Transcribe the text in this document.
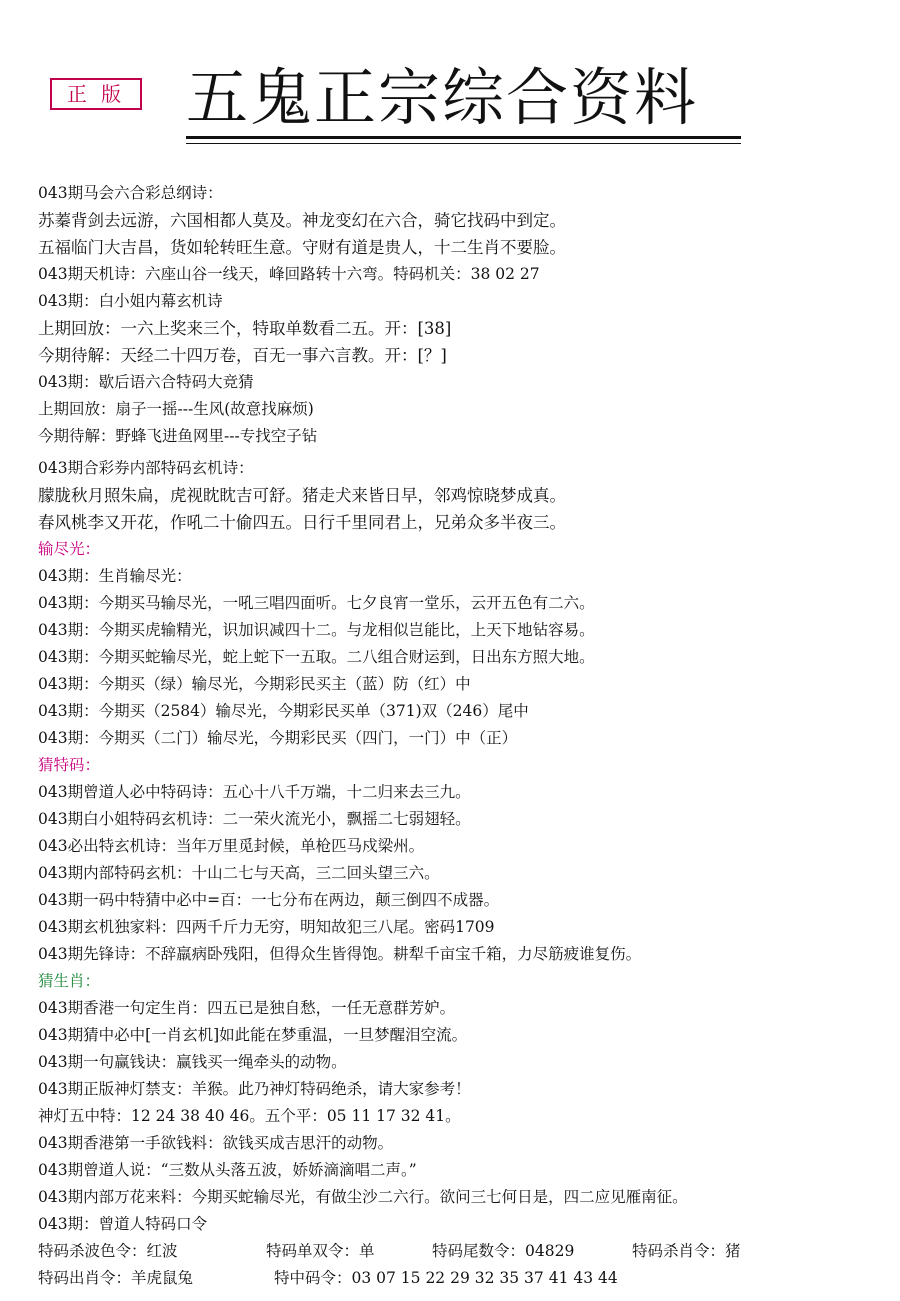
正 版 五鬼正宗综合资料
043期马会六合彩总纲诗：
苏蓁背剑去远游，六国相都人莫及。神龙变幻在六合，骑它找码中到定。
五福临门大吉昌，货如轮转旺生意。守财有道是贵人，十二生肖不要脸。
043期天机诗：六座山谷一线天，峰回路转十六弯。特码机关：38 02 27
043期：白小姐内幕玄机诗
上期回放：一六上奖来三个，特取单数看二五。开：[38]
今期待解：天经二十四万卷，百无一事六言教。开：[？]
043期：歇后语六合特码大竞猜
上期回放：扇子一摇---生风(故意找麻烦)
今期待解：野蜂飞进鱼网里---专找空子钻
043期合彩券内部特码玄机诗：
朦胧秋月照朱扁，虎视眈眈吉可舒。猪走犬来皆日早，邻鸡惊晓梦成真。
春风桃李又开花，作吼二十偷四五。日行千里同君上，兄弟众多半夜三。
输尽光：
043期：生肖输尽光：
043期：今期买马输尽光，一吼三唱四面听。七夕良宵一堂乐，云开五色有二六。
043期：今期买虎输精光，识加识减四十二。与龙相似岂能比，上天下地钻容易。
043期：今期买蛇输尽光，蛇上蛇下一五取。二八组合财运到，日出东方照大地。
043期：今期买（绿）输尽光，今期彩民买主（蓝）防（红）中
043期：今期买（2584）输尽光，今期彩民买单（371)双（246）尾中
043期：今期买（二门）输尽光，今期彩民买（四门，一门）中（正）
猜特码：
043期曾道人必中特码诗：五心十八千万端，十二归来去三九。
043期白小姐特码玄机诗：二一荣火流光小，飘摇二七弱翅轻。
043必出特玄机诗：当年万里觅封候，单枪匹马戍梁州。
043期内部特码玄机：十山二七与天高，三二回头望三六。
043期一码中特猜中必中=百：一七分布在两边，颠三倒四不成器。
043期玄机独家料：四两千斤力无穷，明知故犯三八尾。密码1709
043期先锋诗：不辞羸病卧残阳，但得众生皆得饱。耕犁千亩宝千箱，力尽筋疲谁复伤。
猜生肖：
043期香港一句定生肖：四五已是独自愁，一任无意群芳妒。
043期猜中必中[一肖玄机]如此能在梦重温，一旦梦醒泪空流。
043期一句赢钱诀：赢钱买一绳牵头的动物。
043期正版神灯禁支：羊猴。此乃神灯特码绝杀，请大家参考！
神灯五中特：12 24 38 40 46。五个平：05 11 17 32 41。
043期香港第一手欲钱料：欲钱买成吉思汗的动物。
043期曾道人说：“三数从头落五波，娇娇滴滴唱二声。”
043期内部万花来料：今期买蛇输尽光，有做尘沙二六行。欲问三七何日是，四二应见雁南征。
043期：曾道人特码口令
特码杀波色令：红波	特码单双令：单	特码尾数令：04829	特码杀肖令：猪
特码出肖令：羊虎鼠兔	特中码令：03 07 15 22 29 32 35 37 41 43 44
